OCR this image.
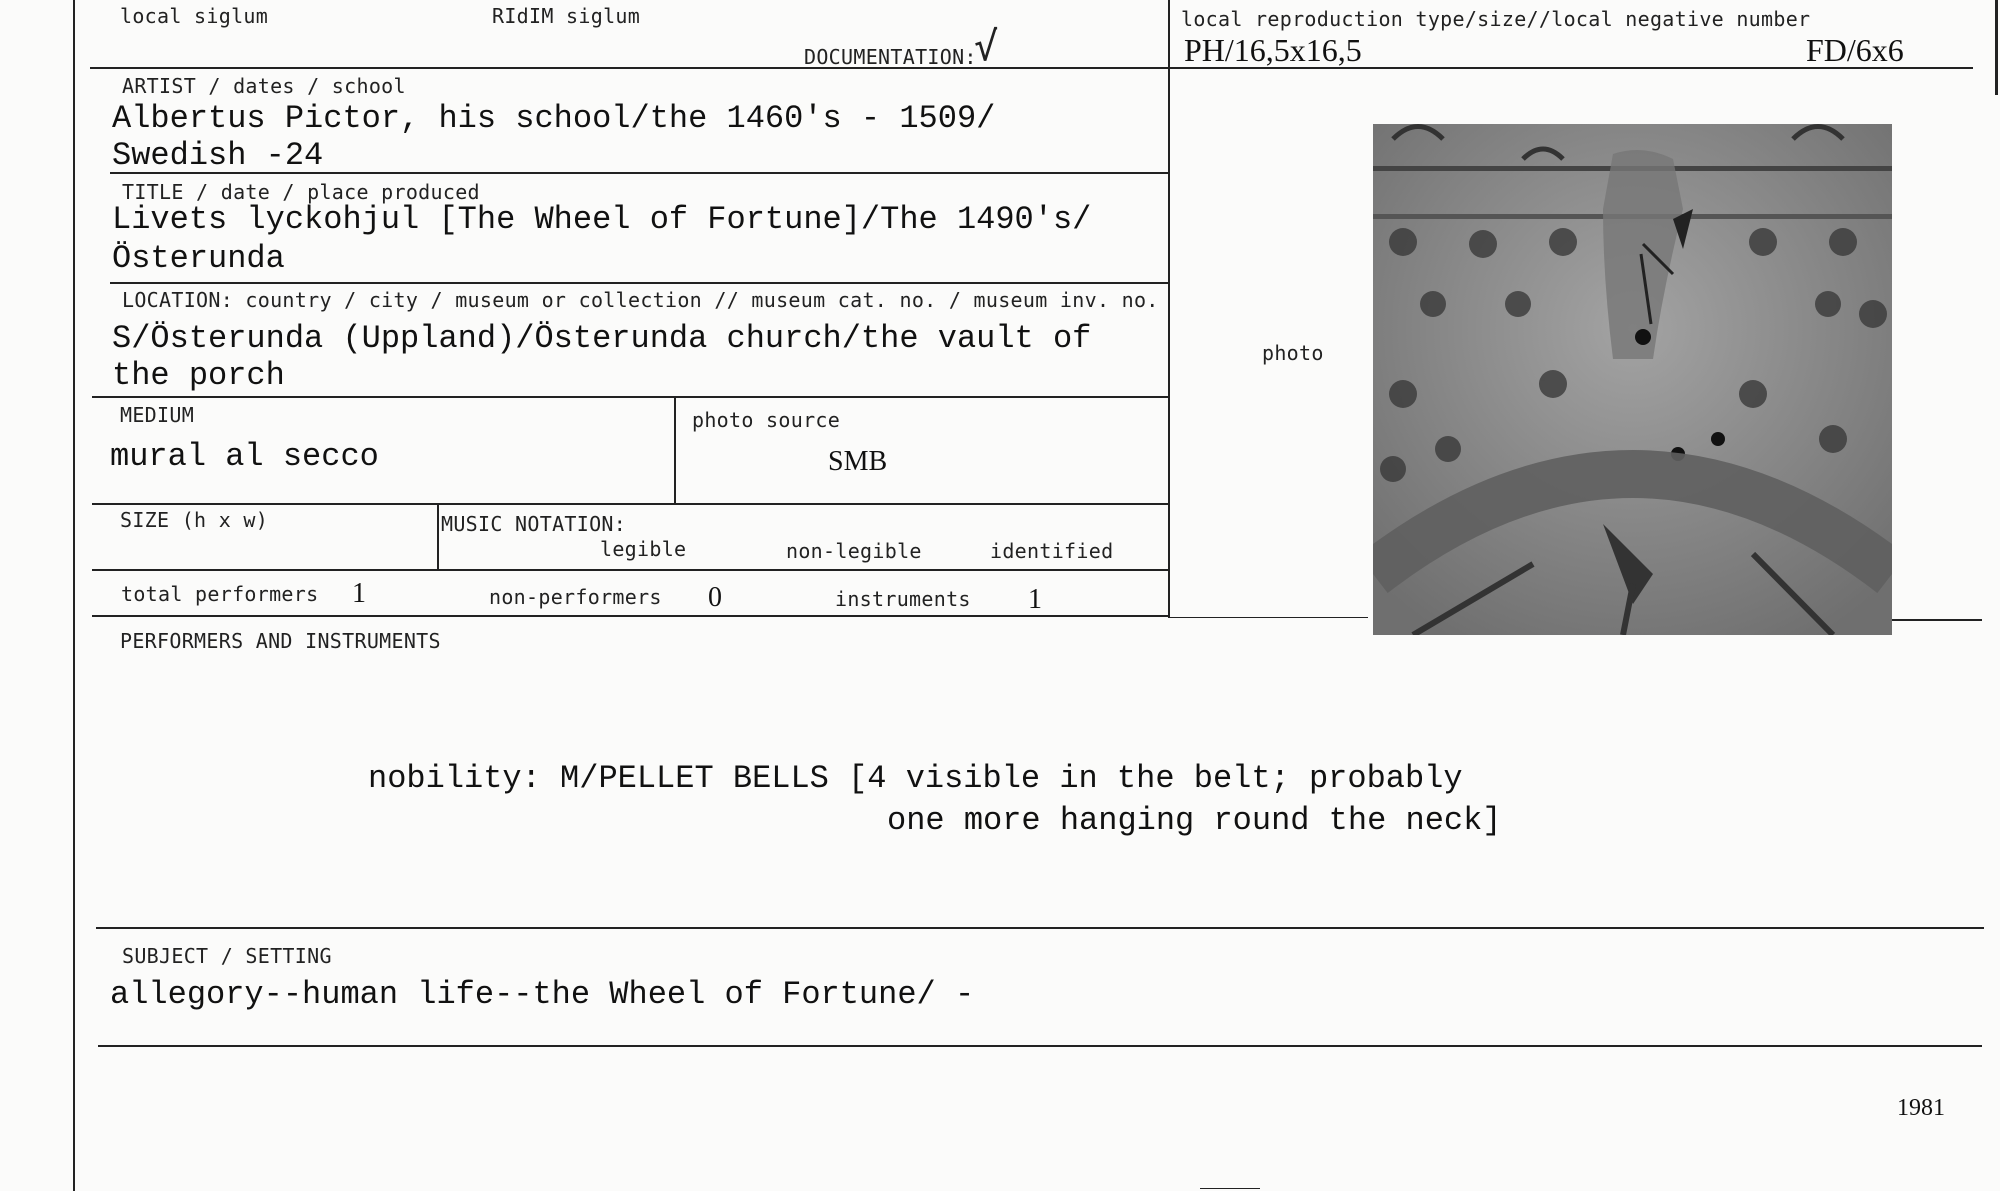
local siglum	RIdIM siglum
DOCUMENTATION:
√
local reproduction type/size//local negative number
PH/16,5x16,5	FD/6x6
ARTIST / dates / school
Albertus Pictor, his school/the 1460's - 1509/
Swedish -24
TITLE / date / place produced
Livets lyckohjul [The Wheel of Fortune]/The 1490's/
Österunda
LOCATION: country / city / museum or collection // museum cat. no. / museum inv. no.
S/Österunda (Uppland)/Österunda church/the vault of
the porch
MEDIUM
mural al secco
photo source
SMB
SIZE (h x w)	MUSIC NOTATION:
legible	non-legible	identified
total performers 1	non-performers 0	instruments 1
photo
PERFORMERS AND INSTRUMENTS
nobility: M/PELLET BELLS [4 visible in the belt; probably
one more hanging round the neck]
SUBJECT / SETTING
allegory--human life--the Wheel of Fortune/ -
1981
